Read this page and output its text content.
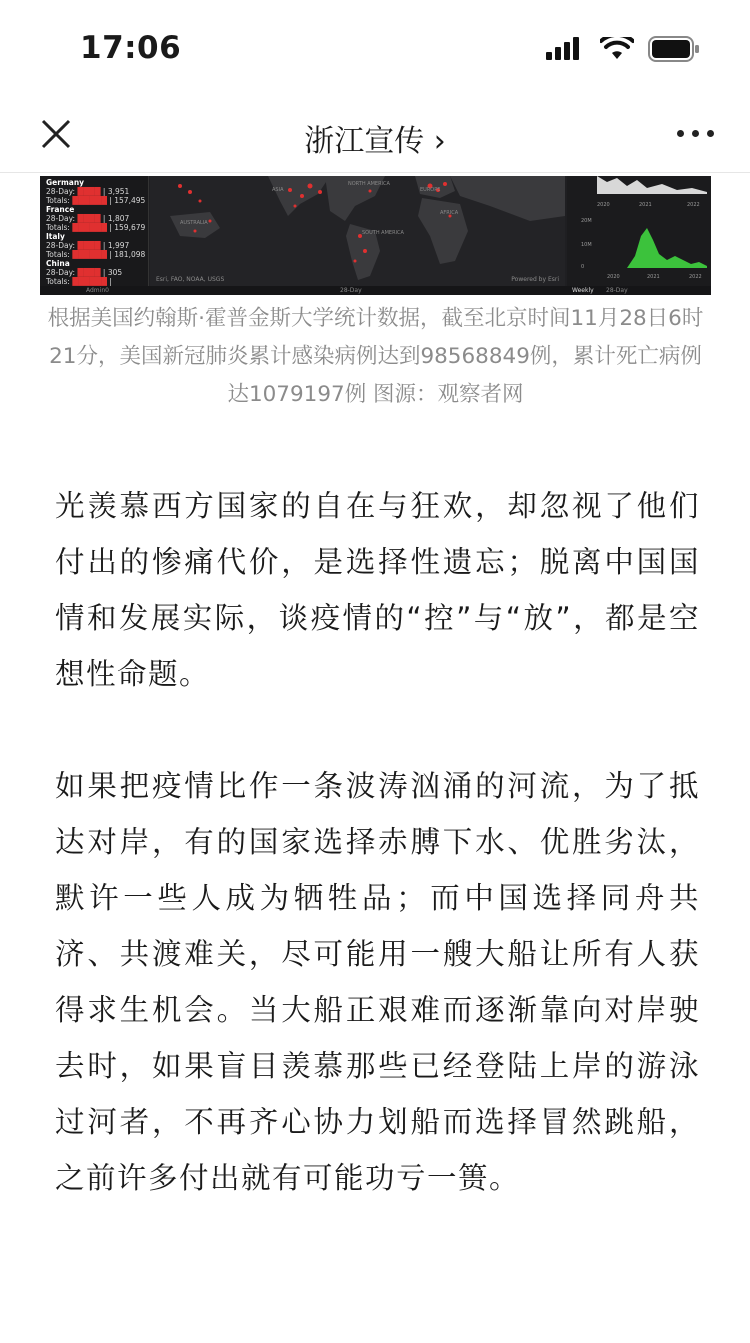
17:06
浙江宣传 ›
Germany
28-Day: ████ | 3,951
Totals: ██████ | 157,495
France
28-Day: ████ | 1,807
Totals: ██████ | 159,679
Italy
28-Day: ████ | 1,997
Totals: ██████ | 181,098
China
28-Day: ████ | 305
Totals: ██████ |
NORTH AMERICA
ASIA
AFRICA
AUSTRALIA
SOUTH AMERICA
EUROPE
Esri, FAO, NOAA, USGS	Powered by Esri
2020	2021	2022
20M
10M
0
2020	2021	2022
Admin0	28-Day	Weekly 28-Day
根据美国约翰斯·霍普金斯大学统计数据，截至北京时间11月28日6时21分，美国新冠肺炎累计感染病例达到98568849例，累计死亡病例达1079197例 图源：观察者网
光羡慕西方国家的自在与狂欢，却忽视了他们付出的惨痛代价，是选择性遗忘；脱离中国国情和发展实际，谈疫情的“控”与“放”，都是空想性命题。
如果把疫情比作一条波涛汹涌的河流，为了抵达对岸，有的国家选择赤膊下水、优胜劣汰，默许一些人成为牺牲品；而中国选择同舟共济、共渡难关，尽可能用一艘大船让所有人获得求生机会。当大船正艰难而逐渐靠向对岸驶去时，如果盲目羡慕那些已经登陆上岸的游泳过河者，不再齐心协力划船而选择冒然跳船，之前许多付出就有可能功亏一篑。
